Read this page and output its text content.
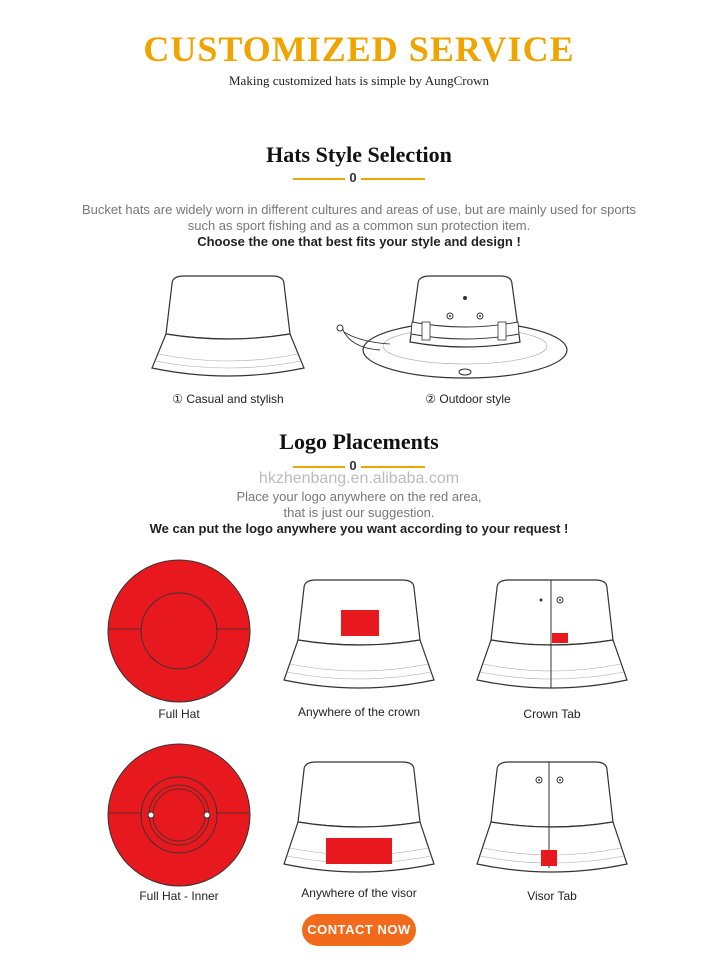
CUSTOMIZED SERVICE
Making customized hats is simple by AungCrown
Hats Style Selection
0
Bucket hats are widely worn in different cultures and areas of use, but are mainly used for sports
such as sport fishing and as a common sun protection item.
Choose the one that best fits your style and design !
① Casual and stylish	② Outdoor style
Logo Placements
0
hkzhenbang.en.alibaba.com
Place your logo anywhere on the red area,
that is just our suggestion.
We can put the logo anywhere you want according to your request !
Full Hat	Anywhere of the crown	Crown Tab
Full Hat - Inner	Anywhere of the visor	Visor Tab
CONTACT NOW
